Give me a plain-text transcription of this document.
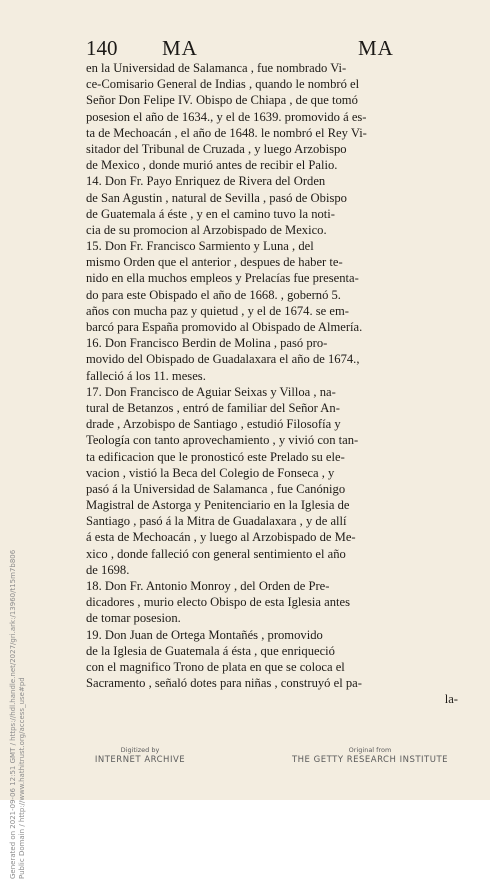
140 MA	MA
en la Universidad de Salamanca , fue nombrado Vi-
ce-Comisario General de Indias , quando le nombró el
Señor Don Felipe IV. Obispo de Chiapa , de que tomó
posesion el año de 1634., y el de 1639. promovido á es-
ta de Mechoacán , el año de 1648. le nombró el Rey Vi-
sitador del Tribunal de Cruzada , y luego Arzobispo
de Mexico , donde murió antes de recibir el Palio.
14. Don Fr. Payo Enriquez de Rivera del Orden
de San Agustin , natural de Sevilla , pasó de Obispo
de Guatemala á éste , y en el camino tuvo la noti-
cia de su promocion al Arzobispado de Mexico.
15. Don Fr. Francisco Sarmiento y Luna , del
mismo Orden que el anterior , despues de haber te-
nido en ella muchos empleos y Prelacías fue presenta-
do para este Obispado el año de 1668. , gobernó 5.
años con mucha paz y quietud , y el de 1674. se em-
barcó para España promovido al Obispado de Almería.
16. Don Francisco Berdin de Molina , pasó pro-
movido del Obispado de Guadalaxara el año de 1674.,
falleció á los 11. meses.
17. Don Francisco de Aguiar Seixas y Villoa , na-
tural de Betanzos , entró de familiar del Señor An-
drade , Arzobispo de Santiago , estudió Filosofía y
Teología con tanto aprovechamiento , y vivió con tan-
ta edificacion que le pronosticó este Prelado su ele-
vacion , vistió la Beca del Colegio de Fonseca , y
pasó á la Universidad de Salamanca , fue Canónigo
Magistral de Astorga y Penitenciario en la Iglesia de
Santiago , pasó á la Mitra de Guadalaxara , y de allí
á esta de Mechoacán , y luego al Arzobispado de Me-
xico , donde falleció con general sentimiento el año
de 1698.
18. Don Fr. Antonio Monroy , del Orden de Pre-
dicadores , murio electo Obispo de esta Iglesia antes
de tomar posesion.
19. Don Juan de Ortega Montañés , promovido
de la Iglesia de Guatemala á ésta , que enriqueció
con el magnifico Trono de plata en que se coloca el
Sacramento , señaló dotes para niñas , construyó el pa-
la-
Generated on 2021-09-06 12:51 GMT / https://hdl.handle.net/2027/gri.ark:/13960/t15m7b806 Public Domain / http://www.hathitrust.org/access_use#pd	Digitized by
INTERNET ARCHIVE
Original from
THE GETTY RESEARCH INSTITUTE
